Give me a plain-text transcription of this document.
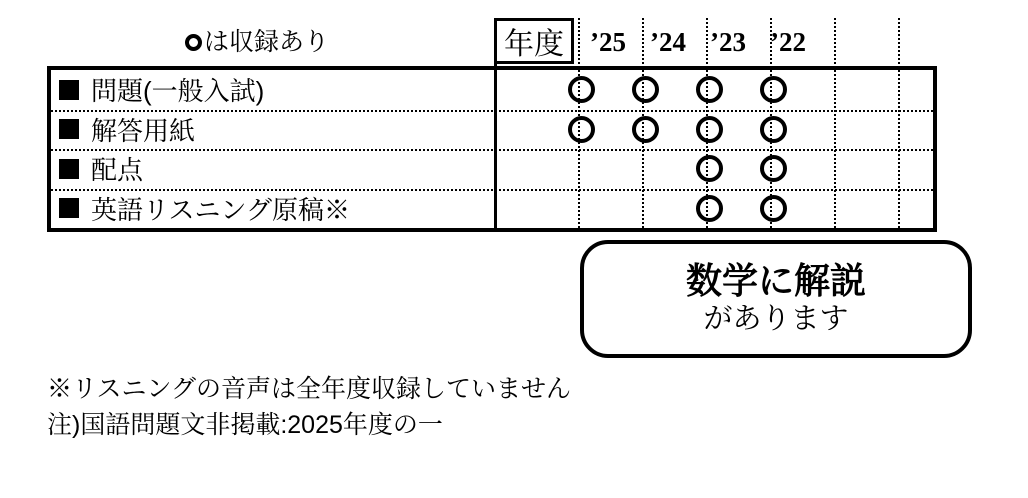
は収録あり	年度 ’25 ’24 ’23 ’22
問題(一般入試)
解答用紙
配点
英語リスニング原稿※
数学に解説
があります
※リスニングの音声は全年度収録していません
注)国語問題文非掲載:2025年度の一
